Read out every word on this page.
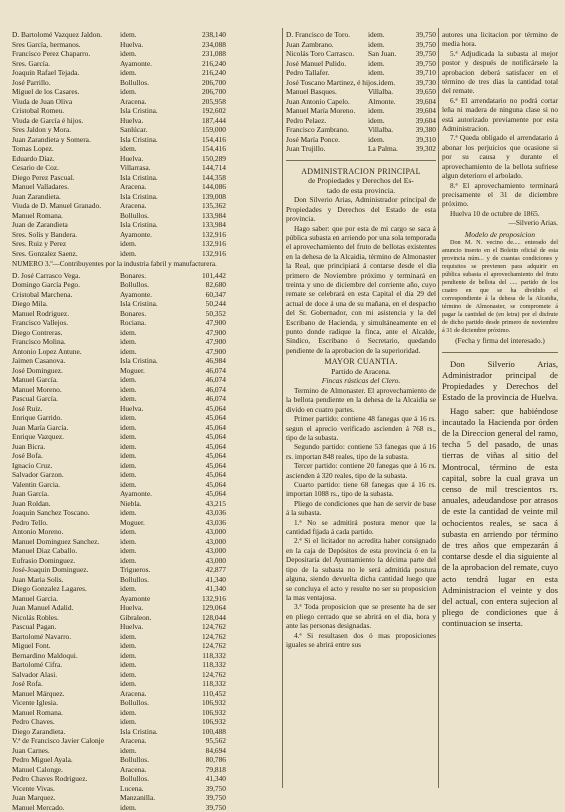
D. Bartolomé Vazquez Jaldon.	idem.	238,140
Sres García, hermanos.	Huelva.	234,088
Francisco Perez Chaparro.	idem.	231,088
Sres. García.	Ayamonte.	216,240
Joaquin Rafael Tejada.	idem.	216,240
José Parrillo.	Bollullos.	206,700
Miguel de los Casares.	idem.	206,700
Viuda de Juan Oliva	Aracena.	205,958
Cristobal Romeu.	Isla Cristina.	192,602
Viuda de García é hijos.	Huelva.	187,444
Sres Jaldon y Mora.	Sanlúcar.	159,000
Juan Zarandieta y Somera.	Isla Cristina.	154,416
Tomas Lopez.	idem.	154,416
Eduardo Díaz.	Huelva.	150,289
Cesario de Coz.	Villarrasa.	144,714
Diego Perez Pascual.	Isla Cristina.	144,358
Manuel Valladares.	Aracena.	144,086
Juan Zarandieta.	Isla Cristina.	139,008
Viuda de D. Manuel Granado.	Aracena.	135,362
Manuel Romana.	Bollullos.	133,984
Juan de Zarandieta	Isla Cristina.	133,984
Sres. Solís y Bandera.	Ayamonte.	132,916
Sres. Ruiz y Perez	idem.	132,916
Sres. Gonzalez Saenz.	idem.	132,916
NUMERO 3.º—Contribuyentes por la industria fabril y manufacturera.
D. José Carrasco Vega.	Bonares.	101,442
Domingo García Pego.	Bollullos.	82,680
Cristobal Marchena.	Ayamonte.	60,347
Diego Mila.	Isla Cristina.	50,244
Manuel Rodriguez.	Bonares.	50,352
Francisco Vallejos.	Rociana.	47,900
Diego Contreras.	idem.	47,900
Francisco Molina.	idem.	47,900
Antonio Lopez Antune.	idem.	47,900
Jaimen Casanova.	Isla Cristina.	46,984
José Dominguez.	Moguer.	46,074
Manuel García.	idem.	46,074
Manuel Moreno.	idem.	46,074
Pascual García.	idem.	46,074
José Ruiz.	Huelva.	45,064
Enrique Garrido.	idem.	45,064
Juan María García.	idem.	45,064
Enrique Vazquez.	idem.	45,064
Juan Bicra.	idem.	45,064
José Bofa.	idem.	45,064
Ignacio Cruz.	idem.	45,064
Salvador Garzon.	idem.	45,064
Valentin Garcia.	idem.	45,064
Juan Garcia.	Ayamonte.	45,064
Juan Roldan.	Niebla.	43,215
Joaquin Sanchez Toscano.	idem.	43,036
Pedro Tello.	Moguer.	43,036
Antonio Moreno.	idem.	43,000
Manuel Dominguez Sanchez.	idem.	43,000
Manuel Diaz Caballo.	idem.	43,000
Eufrasio Dominguez.	idem.	43,000
José-Joaquin Dominguez.	Trigueros.	42,877
Juan Maria Solis.	Bollullos.	41,340
Diego Gonzalez Lagares.	idem.	41,340
Manuel Garcia.	Ayamonte	132,916
Juan Manuel Adalid.	Huelva.	129,064
Nicolás Robles.	Gibraleon.	128,044
Pascual Pagan.	Huelva.	124,762
Bartolomé Navarro.	idem.	124,762
Miguel Font.	idem.	124,762
Bernardino Maldoqui.	idem.	118,332
Bartolomé Cifra.	idem.	118,332
Salvador Alasi.	idem.	124,762
José Rofa.	idem.	118,332
Manuel Márquez.	Aracena.	110,452
Vicente Iglesia.	Bollullos.	106,932
Manuel Romana.	idem.	106,932
Pedro Chaves.	idem.	106,932
Diego Zarandieta.	Isla Cristina.	100,488
V.ª de Francisco Javier Calonje	Aracena.	95,562
Juan Carnes.	idem.	84,694
Pedro Miguel Ayala.	Bollullos.	80,786
Manuel Calonge.	Aracena.	79,818
Pedro Chaves Rodriguez.	Bollullos.	41,340
Vicente Vivas.	Lucena.	39,750
Juan Marquez.	Manzanilla.	39,750
Manuel Mercado.	idem.	39,750
D. Francisco de Toro.	idem.	39,750
Juan Zambrano.	idem.	39,750
Nicolás Toro Carrasco.	San Juan.	39,750
José Manuel Pulido.	idem.	39,750
Pedro Tallafer.	idem.	39,710
José Toscano Martinez, é hijos. idem.	39,730
Manuel Basques.	Villalba.	39,650
Juan Antonio Capelo.	Almonte.	39,604
Manuel María Moreno.	idem.	39,604
Pedro Pelaez.	idem.	39,604
Francisco Zambrano.	Villalba.	39,380
José María Ponce.	idem.	39,310
Juan Trujillo.	La Palma.	39,302
ADMINISTRACION PRINCIPAL
de Propiedades y Derechos del Es-
tado de esta provincia.

Don Silverio Arias, Administrador principal de Propiedades y Derechos del Estado de esta provincia.

Hago saber: que por esta de mi cargo se saca á pública subasta en arriendo por una sola temporada el aprovechamiento del fruto de bellotas existentes en la dehesa de la Alcaidia, término de Almonaster la Real, que principiará á contarse desde el dia primero de Noviembre próximo y terminará en treinta y uno de diciembre del corriente año, cuyo remate se celebrará en esta Capital el dia 29 del actual de doce á una de su mañana, en el despacho del Sr. Gobernador, con mi asistencia y la del Escribano de Hacienda, y simultáneamente en el punto donde radique la finca, ante el Alcalde, Síndico, Escribano ó Secretario, quedando pendiente de la aprobacion de la superioridad.

MAYOR CUANTIA.
Partido de Aracena.
Fincas rústicas del Clero.

Termino de Almonaster. El aprovechamiento de la bellota pendiente en la dehesa de la Alcaidia se divido en cuatro partes.

Primer partido: contiene 48 fanegas que á 16 rs. segun el aprecio verificado ascienden á 768 rs., tipo de la subasta.

Segundo partido: contiene 53 fanegas que á 16 rs. importan 848 reales, tipo de la subasta.

Tercer partido: contiene 20 fanegas que á 16 rs. ascienden á 320 reales, tipo de la subasta.

Cuarto partido: tiene 68 fanegas que á 16 rs. importan 1088 rs., tipo de la subasta.

Pliego de condiciones que han de servir de base á la subasta.

1.ª No se admitirá postura menor que la cantidad fijada á cada partido.

2.ª Si el licitador no acredita haber consignado en la caja de Depósitos de esta provincia ó en la Depositaria del Ayuntamiento la décima parte del tipo de la subasta no le será admitida postura alguna, siendo devuelta dicha cantidad luego que se concluya el acto y resulte no ser su proposicion la mas ventajosa.

3.ª Toda proposicion que se presente ha de ser en pliego cerrado que se abrirá en el dia, hora y ante las personas designadas.

4.ª Si resultasen dos ó mas proposiciones iguales se abrirá entre sus

autores una licitacion por término de media hora.

5.ª Adjudicada la subasta al mejor postor y después de notificársele la aprobacion deberá satisfacer en el término de tres dias la cantidad total del remate.

6.ª El arrendatario no podrá cortar leña ni madera de ninguna clase si no está autorizado previamente por esta Administracion.

7.ª Queda obligado el arrendatario á abonar los perjuicios que ocasione si por su causa y durante el aprovechamiento de la bellota sufriese algun deterioro el arbolado.

8.ª El aprovechamiento terminará precisamente el 31 de diciembre próximo.

Huelva 10 de octubre de 1865.

—Silverio Arias.

Modelo de proposicion

Don M. N. vecino de..... enterado del anuncio inserto en el Boletin oficial de esta provincia núm... y de cuantas condiciones y requisitos se previenen para adquirir en pública subasta el aprovechamiento del fruto pendiente de bellota del ..... partido de los cuatro en que se ha dividido el correspondiente á la dehesa de la Alcaidia, término de Almonaster, se compromete á pagar la cantidad de (en letra) por el disfrute de dicho partido desde primero de noviembre á 31 de diciembre próximo.

(Fecha y firma del interesado.)

Don Silverio Arias, Administrador principal de Propiedades y Derechos del Estado de la provincia de Huelva.

Hago saber: que habiéndose incautado la Hacienda por órden de la Direccion general del ramo, techa 5 del pasado, de unas tierras de viñas al sitio del Montrocal, término de esta capital, sobre la cual grava un censo de mil trescientos rs. anuales, adeudandose por atrasos de este la cantidad de veinte mil ochocientos reales, se saca á subasta en arriendo por término de tres años que empezarán á contarse desde el dia siguiente al de la aprobacion del remate, cuyo acto tendrá lugar en esta Administracion el veinte y dos del actual, con entera sujecion al pliego de condiciones que á continuacion se inserta.
